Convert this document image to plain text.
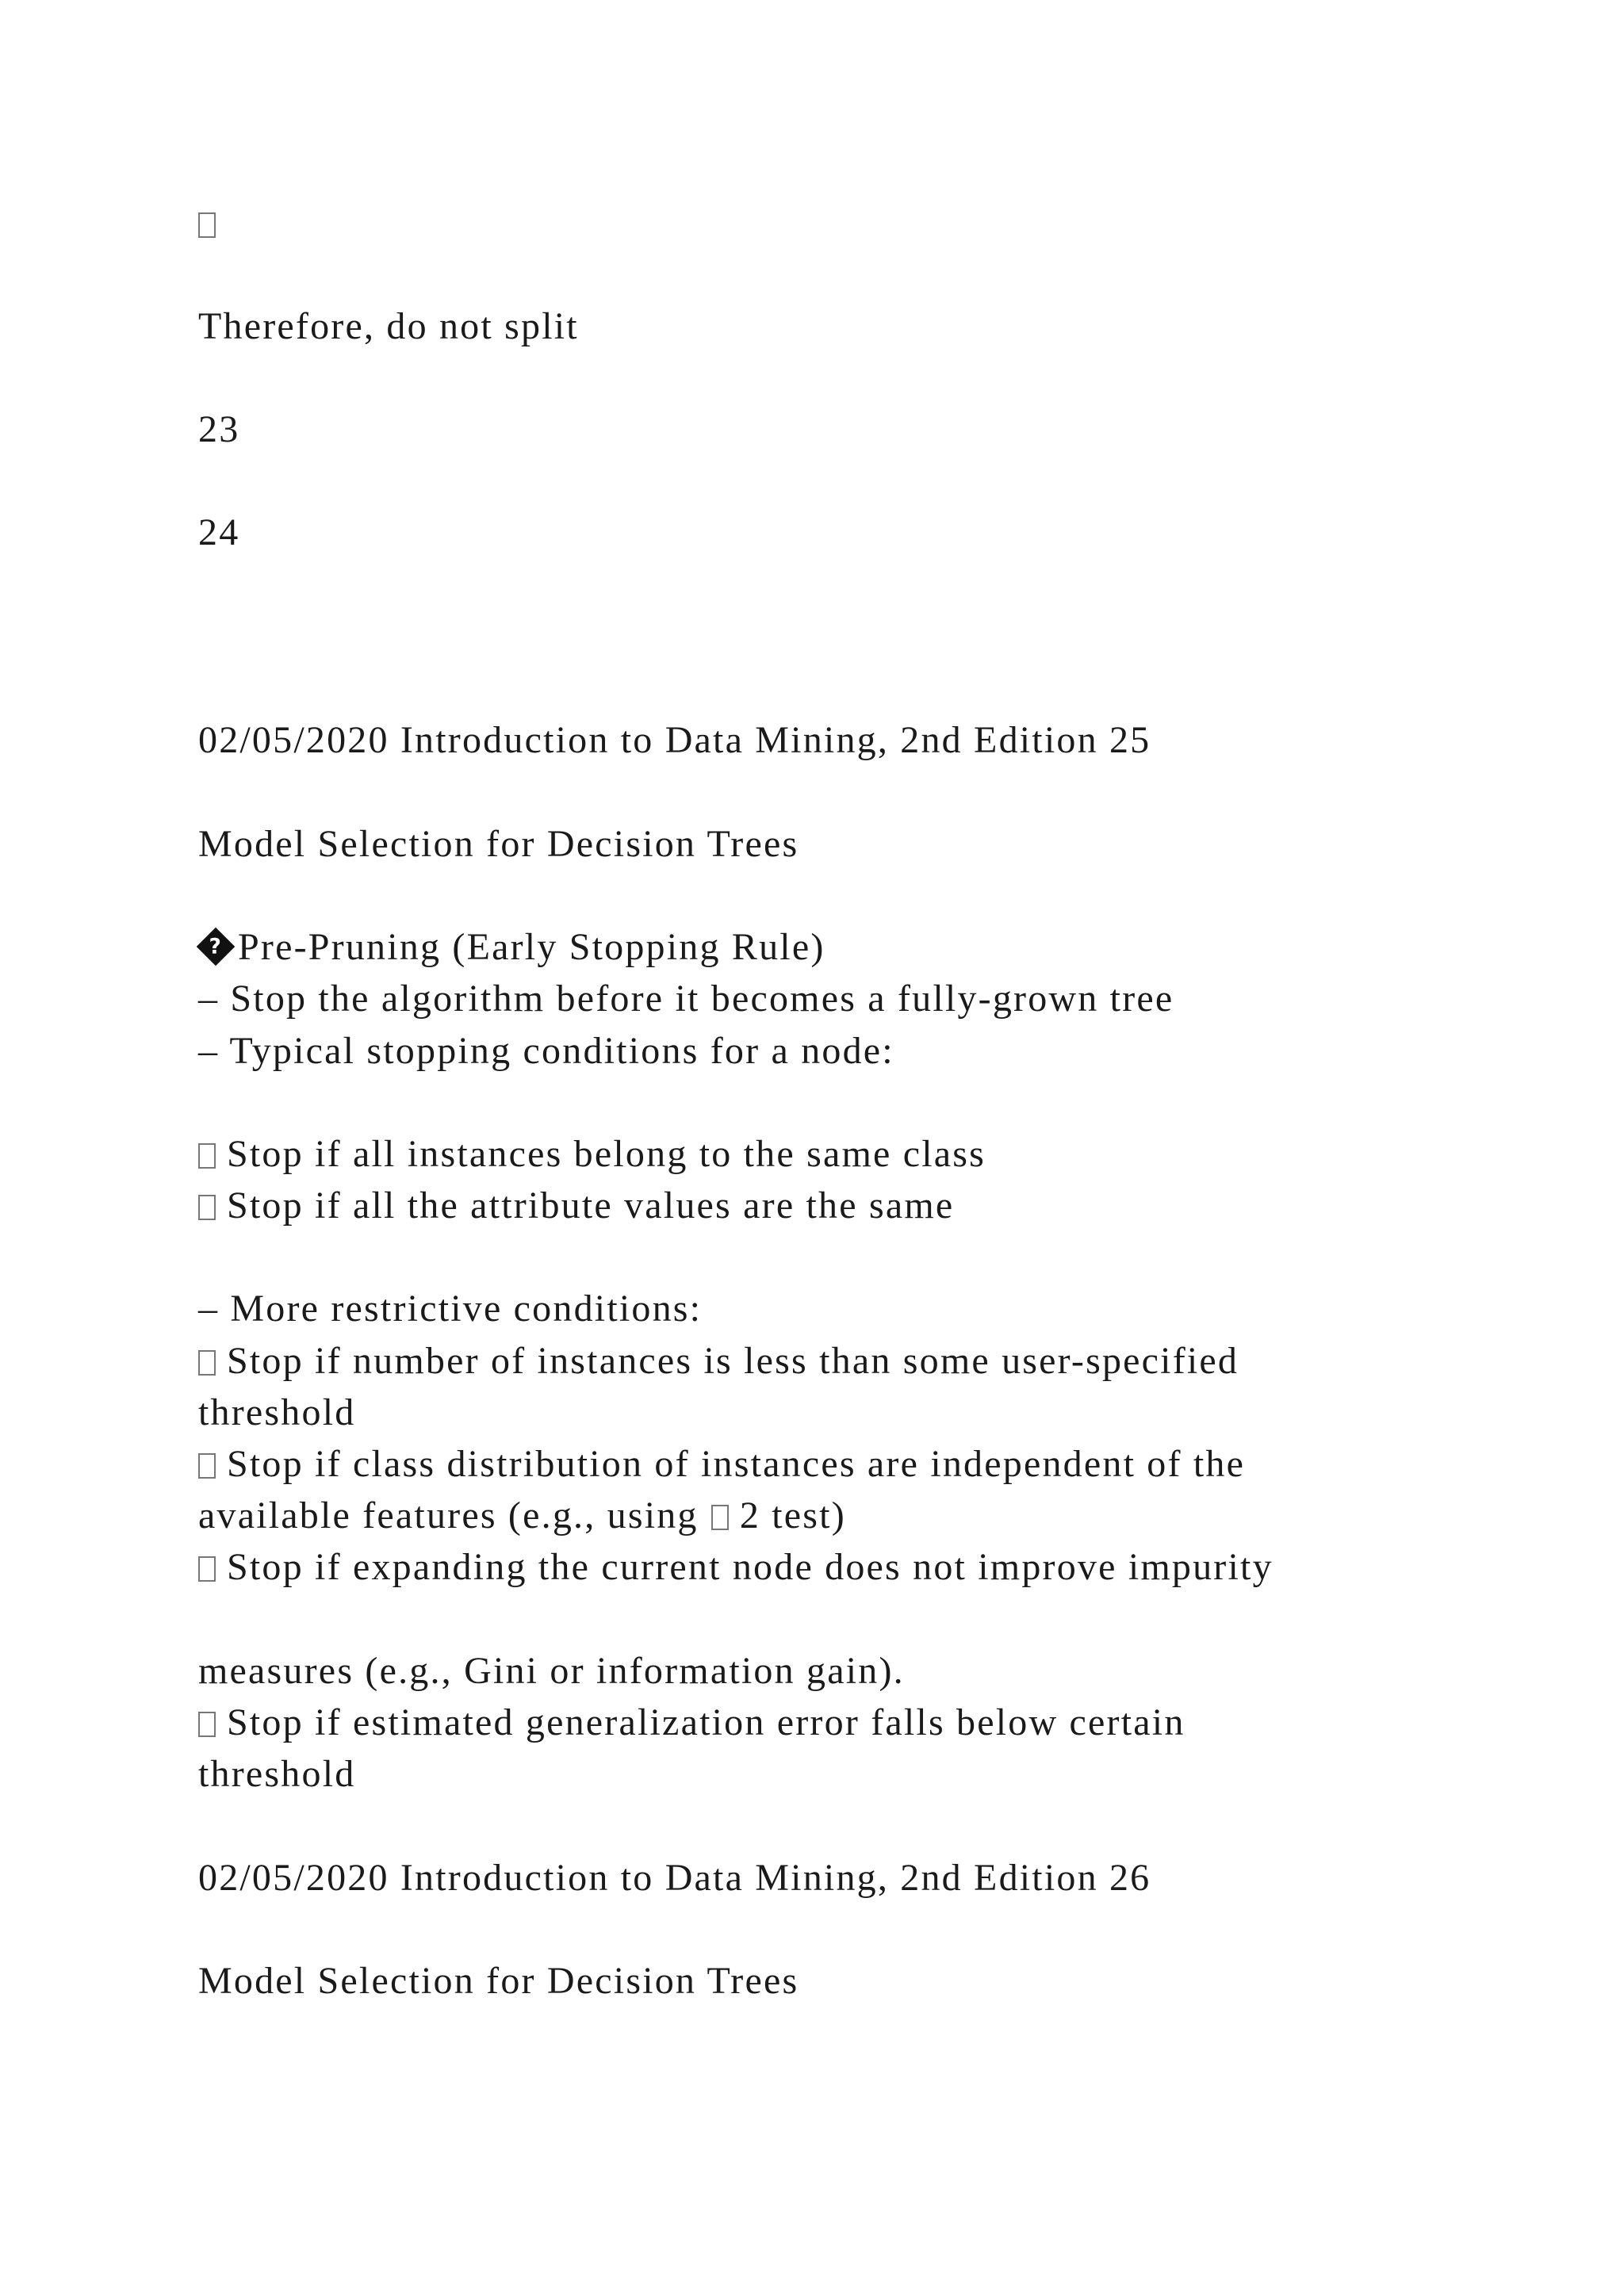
Therefore, do not split

23

24

02/05/2020 Introduction to Data Mining, 2nd Edition 25

Model Selection for Decision Trees

?Pre-Pruning (Early Stopping Rule)

– Stop the algorithm before it becomes a fully-grown tree

– Typical stopping conditions for a node:

Stop if all instances belong to the same class

Stop if all the attribute values are the same

– More restrictive conditions:

Stop if number of instances is less than some user-specified

threshold

Stop if class distribution of instances are independent of the

available features (e.g., using 2 test)

Stop if expanding the current node does not improve impurity

measures (e.g., Gini or information gain).

Stop if estimated generalization error falls below certain

threshold

02/05/2020 Introduction to Data Mining, 2nd Edition 26

Model Selection for Decision Trees
